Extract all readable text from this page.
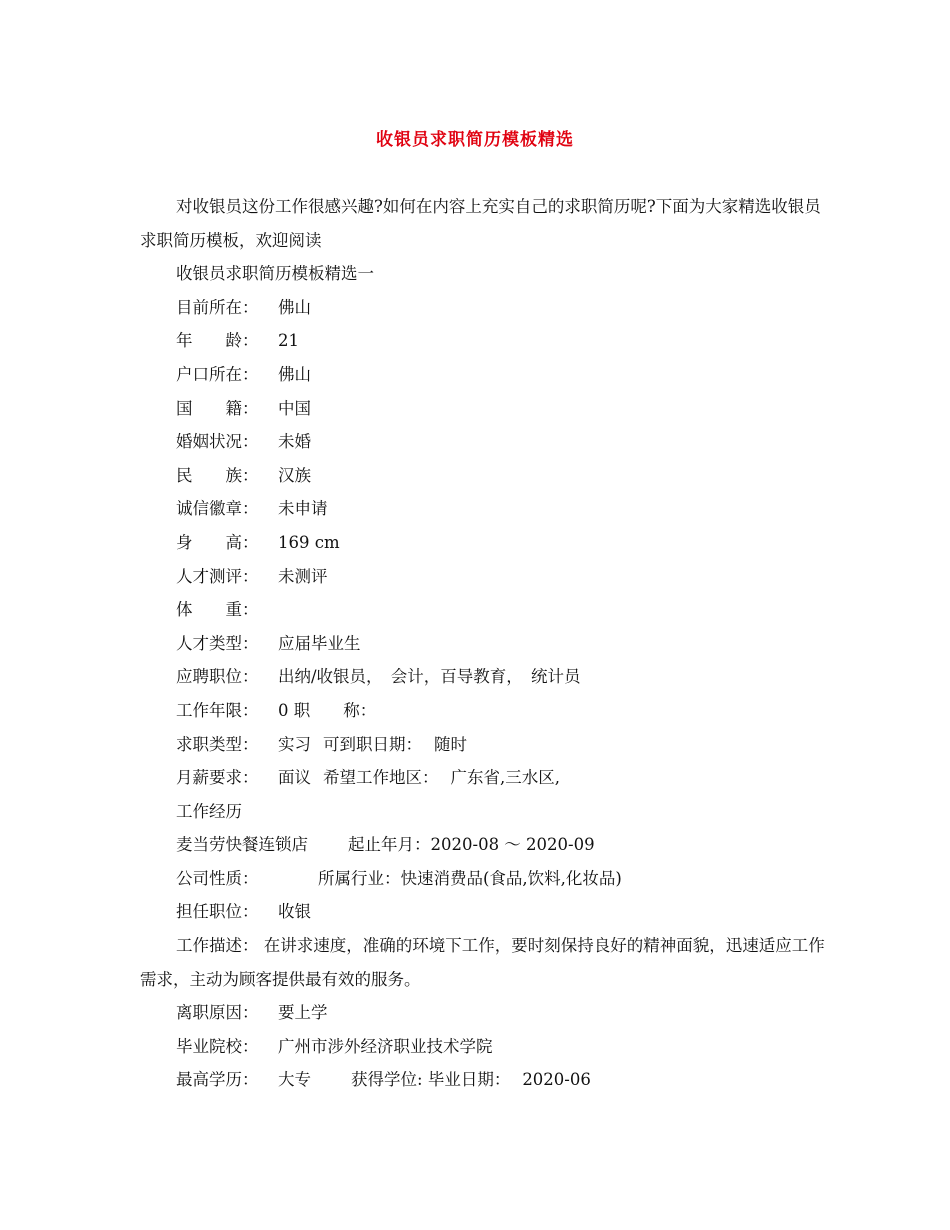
收银员求职简历模板精选

对收银员这份工作很感兴趣?如何在内容上充实自己的求职简历呢?下面为大家精选收银员求职简历模板，欢迎阅读

收银员求职简历模板精选一

目前所在： 佛山

年　　龄： 21

户口所在： 佛山

国　　籍： 中国

婚姻状况： 未婚

民　　族： 汉族

诚信徽章： 未申请

身　　高： 169 cm

人才测评： 未测评

体　　重：

人才类型： 应届毕业生

应聘职位： 出纳/收银员，　会计，百导教育，　统计员

工作年限： 0 职　　称：

求职类型： 实习 可到职日期： 随时

月薪要求： 面议 希望工作地区： 广东省,三水区,

工作经历

麦当劳快餐连锁店 起止年月：2020-08 ～ 2020-09

公司性质：	所属行业：快速消费品(食品,饮料,化妆品)

担任职位： 收银

工作描述： 在讲求速度，准确的环境下工作，要时刻保持良好的精神面貌，迅速适应工作需求，主动为顾客提供最有效的服务。

离职原因： 要上学

毕业院校： 广州市涉外经济职业技术学院

最高学历： 大专 获得学位: 毕业日期： 2020-06
